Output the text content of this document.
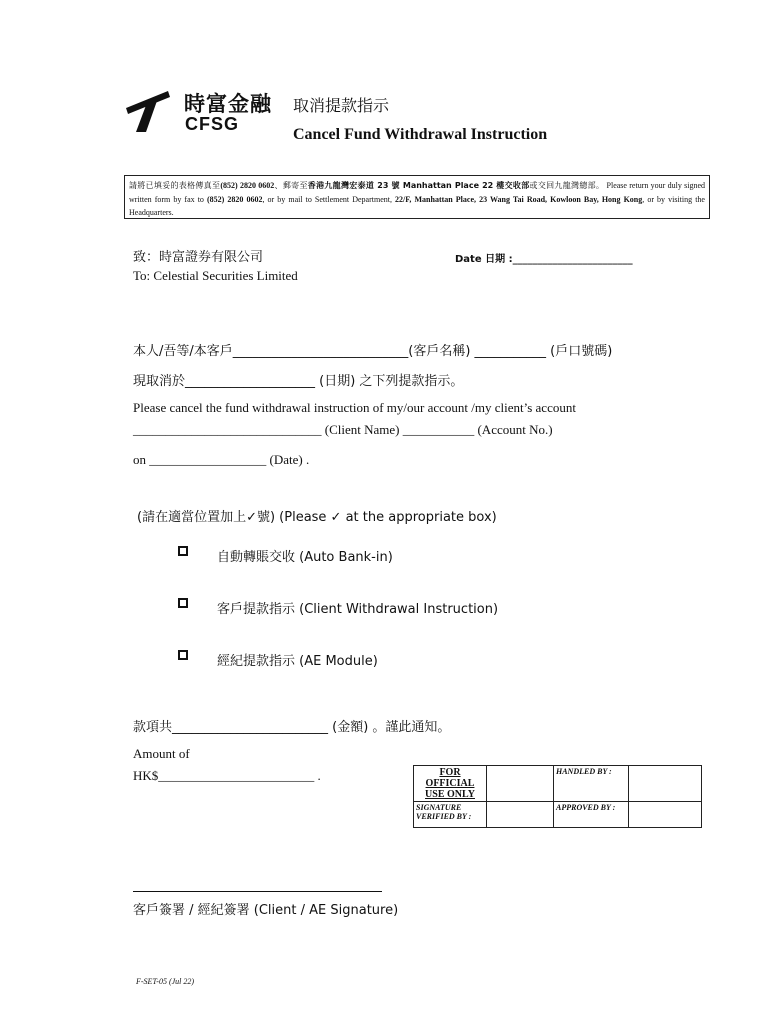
時富金融
CFSG
取消提款指示
Cancel Fund Withdrawal Instruction
請將已填妥的表格傳真至(852) 2820 0602、郵寄至香港九龍灣宏泰道 23 號 Manhattan Place 22 樓交收部或交回九龍灣總部。 Please return your duly signed written form by fax to (852) 2820 0602, or by mail to Settlement Department, 22/F, Manhattan Place, 23 Wang Tai Road, Kowloon Bay, Hong Kong, or by visiting the Headquarters.
致：時富證券有限公司
To: Celestial Securities Limited
Date 日期 :________________________
本人/吾等/本客戶___________________________(客戶名稱) ___________ (戶口號碼)
現取消於____________________ (日期) 之下列提款指示。
Please cancel the fund withdrawal instruction of my/our account /my client’s account
_____________________________ (Client Name) ___________ (Account No.)
on __________________ (Date) .
(請在適當位置加上✓號) (Please ✓ at the appropriate box)
自動轉賬交收 (Auto Bank-in)
客戶提款指示 (Client Withdrawal Instruction)
經紀提款指示 (AE Module)
款項共________________________ (金額) 。謹此通知。
Amount of
HK$________________________ .	FOR OFFICIAL USE ONLY		HANDLED BY :	
SIGNATURE VERIFIED BY :		APPROVED BY :	
客戶簽署 / 經紀簽署 (Client / AE Signature)
F-SET-05 (Jul 22)
